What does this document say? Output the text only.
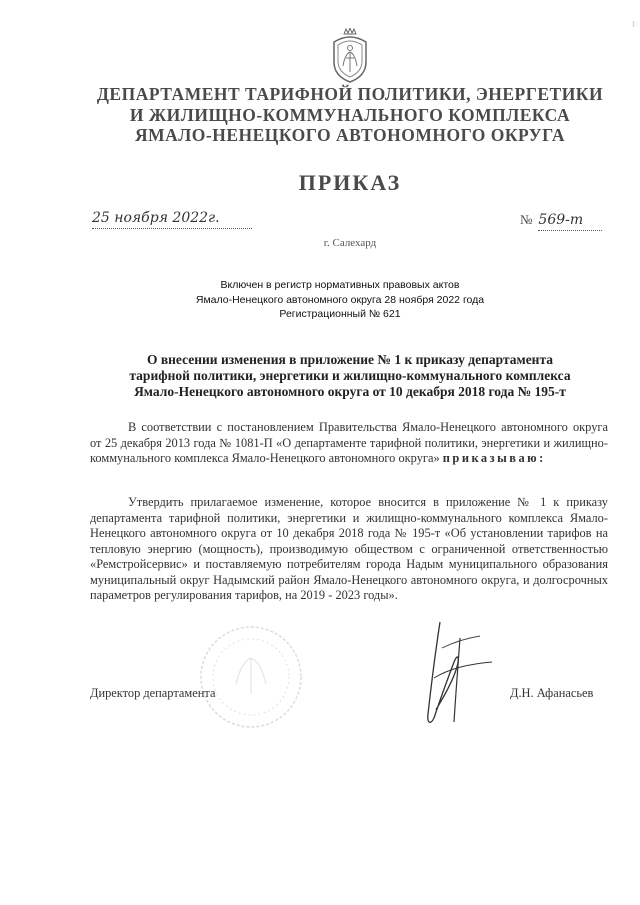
‖
ДЕПАРТАМЕНТ ТАРИФНОЙ ПОЛИТИКИ, ЭНЕРГЕТИКИ
И ЖИЛИЩНО-КОММУНАЛЬНОГО КОМПЛЕКСА
ЯМАЛО-НЕНЕЦКОГО АВТОНОМНОГО ОКРУГА
ПРИКАЗ
25 ноября 2022г.	№ 569-т
г. Салехард
Включен в регистр нормативных правовых актов
Ямало-Ненецкого автономного округа 28 ноября 2022 года
Регистрационный № 621
О внесении изменения в приложение № 1 к приказу департамента
тарифной политики, энергетики и жилищно-коммунального комплекса
Ямало-Ненецкого автономного округа от 10 декабря 2018 года № 195-т
В соответствии с постановлением Правительства Ямало-Ненецкого автономного округа от 25 декабря 2013 года № 1081-П «О департаменте тарифной политики, энергетики и жилищно-коммунального комплекса Ямало-Ненецкого автономного округа» приказываю:
Утвердить прилагаемое изменение, которое вносится в приложение № 1 к приказу департамента тарифной политики, энергетики и жилищно-коммунального комплекса Ямало-Ненецкого автономного округа от 10 декабря 2018 года № 195-т «Об установлении тарифов на тепловую энергию (мощность), производимую обществом с ограниченной ответственностью «Ремстройсервис» и поставляемую потребителям города Надым муниципального образования муниципальный округ Надымский район Ямало-Ненецкого автономного округа, и долгосрочных параметров регулирования тарифов, на 2019 - 2023 годы».
Директор департамента	Д.Н. Афанасьев
